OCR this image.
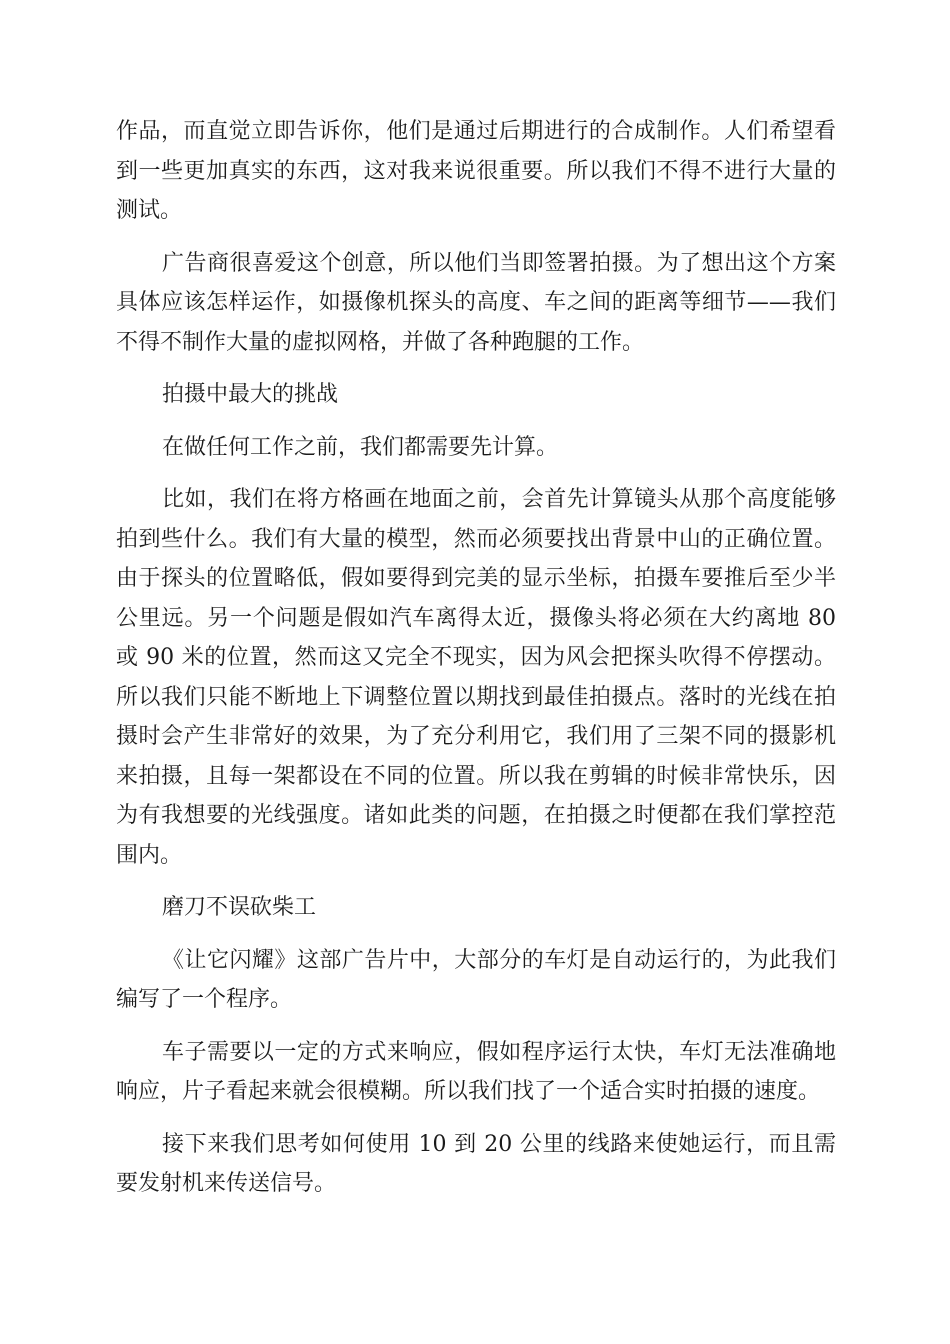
作品，而直觉立即告诉你，他们是通过后期进行的合成制作。人们希望看到一些更加真实的东西，这对我来说很重要。所以我们不得不进行大量的测试。

广告商很喜爱这个创意，所以他们当即签署拍摄。为了想出这个方案具体应该怎样运作，如摄像机探头的高度、车之间的距离等细节——我们不得不制作大量的虚拟网格，并做了各种跑腿的工作。

拍摄中最大的挑战

在做任何工作之前，我们都需要先计算。

比如，我们在将方格画在地面之前，会首先计算镜头从那个高度能够拍到些什么。我们有大量的模型，然而必须要找出背景中山的正确位置。由于探头的位置略低，假如要得到完美的显示坐标，拍摄车要推后至少半公里远。另一个问题是假如汽车离得太近，摄像头将必须在大约离地 80 或 90 米的位置，然而这又完全不现实，因为风会把探头吹得不停摆动。所以我们只能不断地上下调整位置以期找到最佳拍摄点。落时的光线在拍摄时会产生非常好的效果，为了充分利用它，我们用了三架不同的摄影机来拍摄，且每一架都设在不同的位置。所以我在剪辑的时候非常快乐，因为有我想要的光线强度。诸如此类的问题，在拍摄之时便都在我们掌控范围内。

磨刀不误砍柴工

《让它闪耀》这部广告片中，大部分的车灯是自动运行的，为此我们编写了一个程序。

车子需要以一定的方式来响应，假如程序运行太快，车灯无法准确地响应，片子看起来就会很模糊。所以我们找了一个适合实时拍摄的速度。

接下来我们思考如何使用 10 到 20 公里的线路来使她运行，而且需要发射机来传送信号。
